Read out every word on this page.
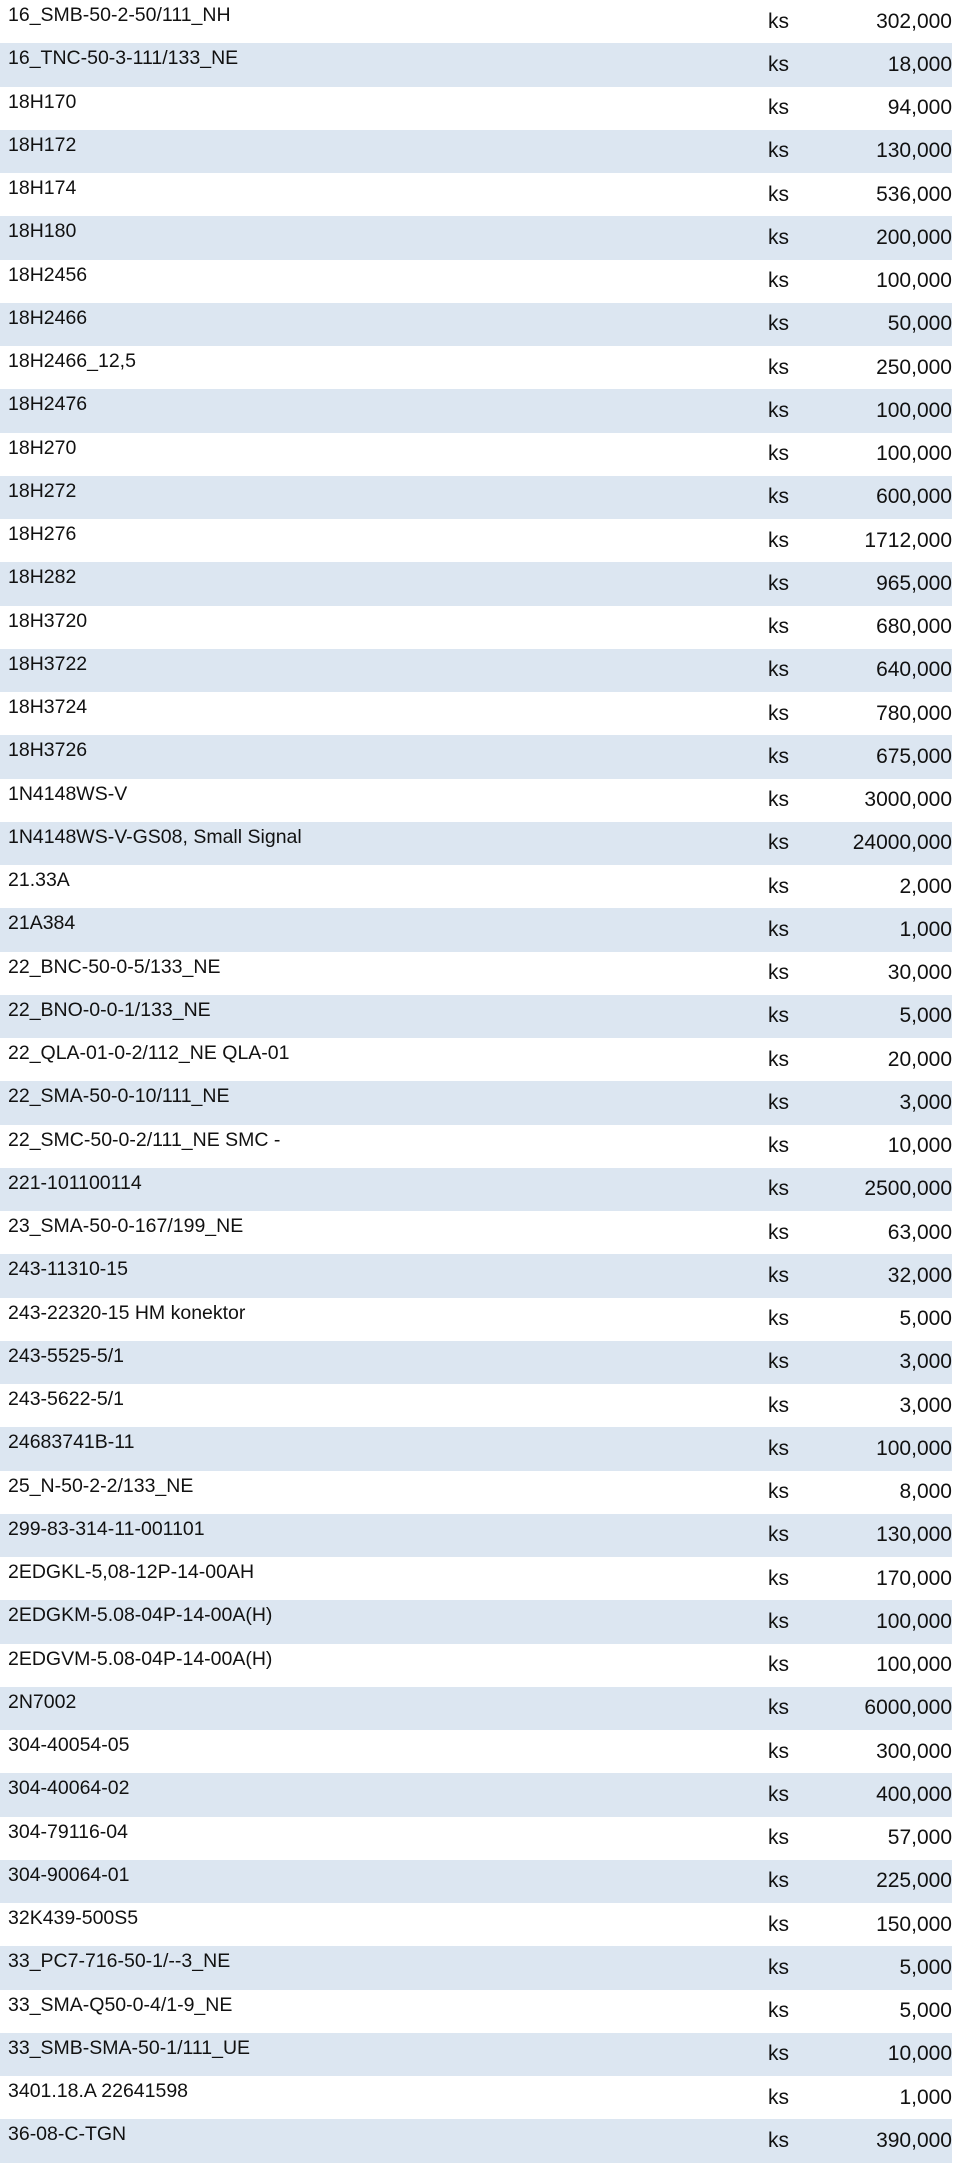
16_SMB-50-2-50/111_NH	ks	302,000
16_TNC-50-3-111/133_NE	ks	18,000
18H170	ks	94,000
18H172	ks	130,000
18H174	ks	536,000
18H180	ks	200,000
18H2456	ks	100,000
18H2466	ks	50,000
18H2466_12,5	ks	250,000
18H2476	ks	100,000
18H270	ks	100,000
18H272	ks	600,000
18H276	ks	1712,000
18H282	ks	965,000
18H3720	ks	680,000
18H3722	ks	640,000
18H3724	ks	780,000
18H3726	ks	675,000
1N4148WS-V	ks	3000,000
1N4148WS-V-GS08, Small Signal	ks	24000,000
21.33A	ks	2,000
21A384	ks	1,000
22_BNC-50-0-5/133_NE	ks	30,000
22_BNO-0-0-1/133_NE	ks	5,000
22_QLA-01-0-2/112_NE QLA-01	ks	20,000
22_SMA-50-0-10/111_NE	ks	3,000
22_SMC-50-0-2/111_NE SMC -	ks	10,000
221-101100114	ks	2500,000
23_SMA-50-0-167/199_NE	ks	63,000
243-11310-15	ks	32,000
243-22320-15 HM konektor	ks	5,000
243-5525-5/1	ks	3,000
243-5622-5/1	ks	3,000
24683741B-11	ks	100,000
25_N-50-2-2/133_NE	ks	8,000
299-83-314-11-001101	ks	130,000
2EDGKL-5,08-12P-14-00AH	ks	170,000
2EDGKM-5.08-04P-14-00A(H)	ks	100,000
2EDGVM-5.08-04P-14-00A(H)	ks	100,000
2N7002	ks	6000,000
304-40054-05	ks	300,000
304-40064-02	ks	400,000
304-79116-04	ks	57,000
304-90064-01	ks	225,000
32K439-500S5	ks	150,000
33_PC7-716-50-1/--3_NE	ks	5,000
33_SMA-Q50-0-4/1-9_NE	ks	5,000
33_SMB-SMA-50-1/111_UE	ks	10,000
3401.18.A 22641598	ks	1,000
36-08-C-TGN	ks	390,000
